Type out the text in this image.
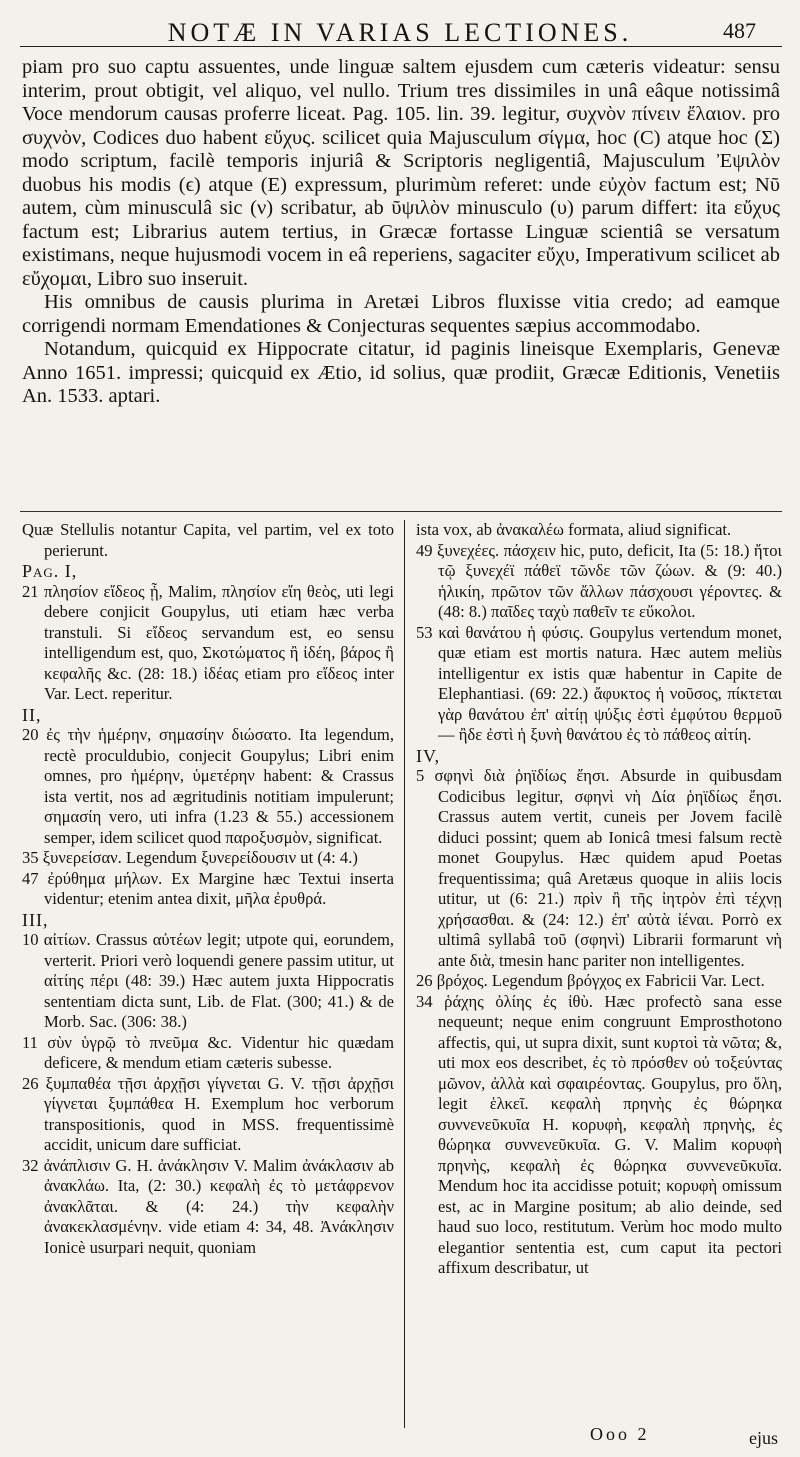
NOTÆ IN VARIAS LECTIONES.	487

piam pro suo captu assuentes, unde linguæ saltem ejusdem cum cæteris videatur: sensu interim, prout obtigit, vel aliquo, vel nullo. Trium tres dissimiles in unâ eâque notissimâ Voce mendorum causas proferre liceat. Pag. 105. lin. 39. legitur, συχνὸν πίνειν ἔλαιον. pro συχνὸν, Codices duo habent εὔχυς. scilicet quia Majusculum σίγμα, hoc (C) atque hoc (Σ) modo scriptum, facilè temporis injuriâ & Scriptoris negligentiâ, Majusculum Ἐψιλὸν duobus his modis (ϵ) atque (E) expressum, plurimùm referet: unde εὐχὸν factum est; Νῦ autem, cùm minusculâ sic (ν) scribatur, ab ῦψιλὸν minusculo (υ) parum differt: ita εὔχυς factum est; Librarius autem tertius, in Græcæ fortasse Linguæ scientiâ se versatum existimans, neque hujusmodi vocem in eâ reperiens, sagaciter εὔχυ, Imperativum scilicet ab εὔχομαι, Libro suo inseruit.

His omnibus de causis plurima in Aretæi Libros fluxisse vitia credo; ad eamque corrigendi normam Emendationes & Conjecturas sequentes sæpius accommodabo.

Notandum, quicquid ex Hippocrate citatur, id paginis lineisque Exemplaris, Genevæ Anno 1651. impressi; quicquid ex Ætio, id solius, quæ prodiit, Græcæ Editionis, Venetiis An. 1533. aptari.

Quæ Stellulis notantur Capita, vel partim, vel ex toto perierunt.

Pag. I,

21 πλησίον εἴδεος ᾖ, Malim, πλησίον εἴη θεὸς, uti legi debere conjicit Goupylus, uti etiam hæc verba transtuli. Si εἴδεος servandum est, eo sensu intelligendum est, quo, Σκοτώματος ἢ ἰδέη, βάρος ἢ κεφαλῆς &c. (28: 18.) ἰδέας etiam pro εἴδεος inter Var. Lect. reperitur.

II,

20 ἐς τὴν ἡμέρην, σημασίην διώσατο. Ita legendum, rectè proculdubio, conjecit Goupylus; Libri enim omnes, pro ἡμέρην, ὑμετέρην habent: & Crassus ista vertit, nos ad ægritudinis notitiam impulerunt; σημασίη vero, uti infra (1.23 & 55.) accessionem semper, idem scilicet quod παροξυσμὸν, significat.

35 ξυνερείσαν. Legendum ξυνερείδουσιν ut (4: 4.)

47 ἐρύθημα μήλων. Ex Margine hæc Textui inserta videntur; etenim antea dixit, μῆλα ἐρυθρά.

III,

10 αἰτίων. Crassus αὐτέων legit; utpote qui, eorundem, verterit. Priori verò loquendi genere passim utitur, ut αἰτίης πέρι (48: 39.) Hæc autem juxta Hippocratis sententiam dicta sunt, Lib. de Flat. (300; 41.) & de Morb. Sac. (306: 38.)

11 σὺν ὑγρῷ τὸ πνεῦμα &c. Videntur hic quædam deficere, & mendum etiam cæteris subesse.

26 ξυμπαθέα τῇσι ἀρχῇσι γίγνεται G. V. τῇσι ἀρχῇσι γίγνεται ξυμπάθεα H. Exemplum hoc verborum transpositionis, quod in MSS. frequentissimè accidit, unicum dare sufficiat.

32 ἀνάπλισιν G. H. ἀνάκλησιν V. Malim ἀνάκλασιν ab ἀνακλάω. Ita, (2: 30.) κεφαλὴ ἐς τὸ μετάφρενον ἀνακλᾶται. & (4: 24.) τὴν κεφαλὴν ἀνακεκλασμένην. vide etiam 4: 34, 48. Ἀνάκλησιν Ionicè usurpari nequit, quoniam

ista vox, ab ἀνακαλέω formata, aliud significat.

49 ξυνεχέες. πάσχειν hic, puto, deficit, Ita (5: 18.) ἤτοι τῷ ξυνεχέϊ πάθεϊ τῶνδε τῶν ζώων. & (9: 40.) ἡλικίη, πρῶτον τῶν ἄλλων πάσχουσι γέροντες. & (48: 8.) παῖδες ταχὺ παθεῖν τε εὔκολοι.

53 καὶ θανάτου ἡ φύσις. Goupylus vertendum monet, quæ etiam est mortis natura. Hæc autem meliùs intelligentur ex istis quæ habentur in Capite de Elephantiasi. (69: 22.) ἄφυκτος ἡ νοῦσος, πίκτεται γὰρ θανάτου ἐπ' αἰτίῃ ψύξις ἐστὶ ἐμφύτου θερμοῦ — ἢδε ἐστὶ ἡ ξυνὴ θανάτου ἐς τὸ πάθεος αἰτίη.

IV,

5 σφηνὶ διὰ ῥηϊδίως ἔησι. Absurde in quibusdam Codicibus legitur, σφηνὶ νὴ Δία ῥηϊδίως ἔησι. Crassus autem vertit, cuneis per Jovem facilè diduci possint; quem ab Ionicâ tmesi falsum rectè monet Goupylus. Hæc quidem apud Poetas frequentissima; quâ Aretæus quoque in aliis locis utitur, ut (6: 21.) πρὶν ἢ τῆς ἰητρὸν ἐπὶ τέχνῃ χρήσασθαι. & (24: 12.) ἐπ' αὐτὰ ἰέναι. Porrò ex ultimâ syllabâ τοῦ (σφηνὶ) Librarii formarunt νὴ ante διὰ, tmesin hanc pariter non intelligentes.

26 βρόχος. Legendum βρόγχος ex Fabricii Var. Lect.

34 ῥάχης ὀλίης ἐς ἰθὺ. Hæc profectò sana esse nequeunt; neque enim congruunt Emprosthotono affectis, qui, ut supra dixit, sunt κυρτοὶ τὰ νῶτα; &, uti mox eos describet, ἐς τὸ πρόσθεν οὐ τοξεύντας μῶνον, ἀλλὰ καὶ σφαιρέοντας. Goupylus, pro ὅλη, legit ἑλκεῖ. κεφαλὴ πρηνὴς ἐς θώρηκα συννενεῦκυῖα H. κορυφὴ, κεφαλὴ πρηνὴς, ἐς θώρηκα συννενεῦκυῖα. G. V. Malim κορυφὴ πρηνὴς, κεφαλὴ ἐς θώρηκα συννενεῦκυῖα. Mendum hoc ita accidisse potuit; κορυφὴ omissum est, ac in Margine positum; ab alio deinde, sed haud suo loco, restitutum. Verùm hoc modo multo elegantior sententia est, cum caput ita pectori affixum describatur, ut

Ooo 2	ejus
